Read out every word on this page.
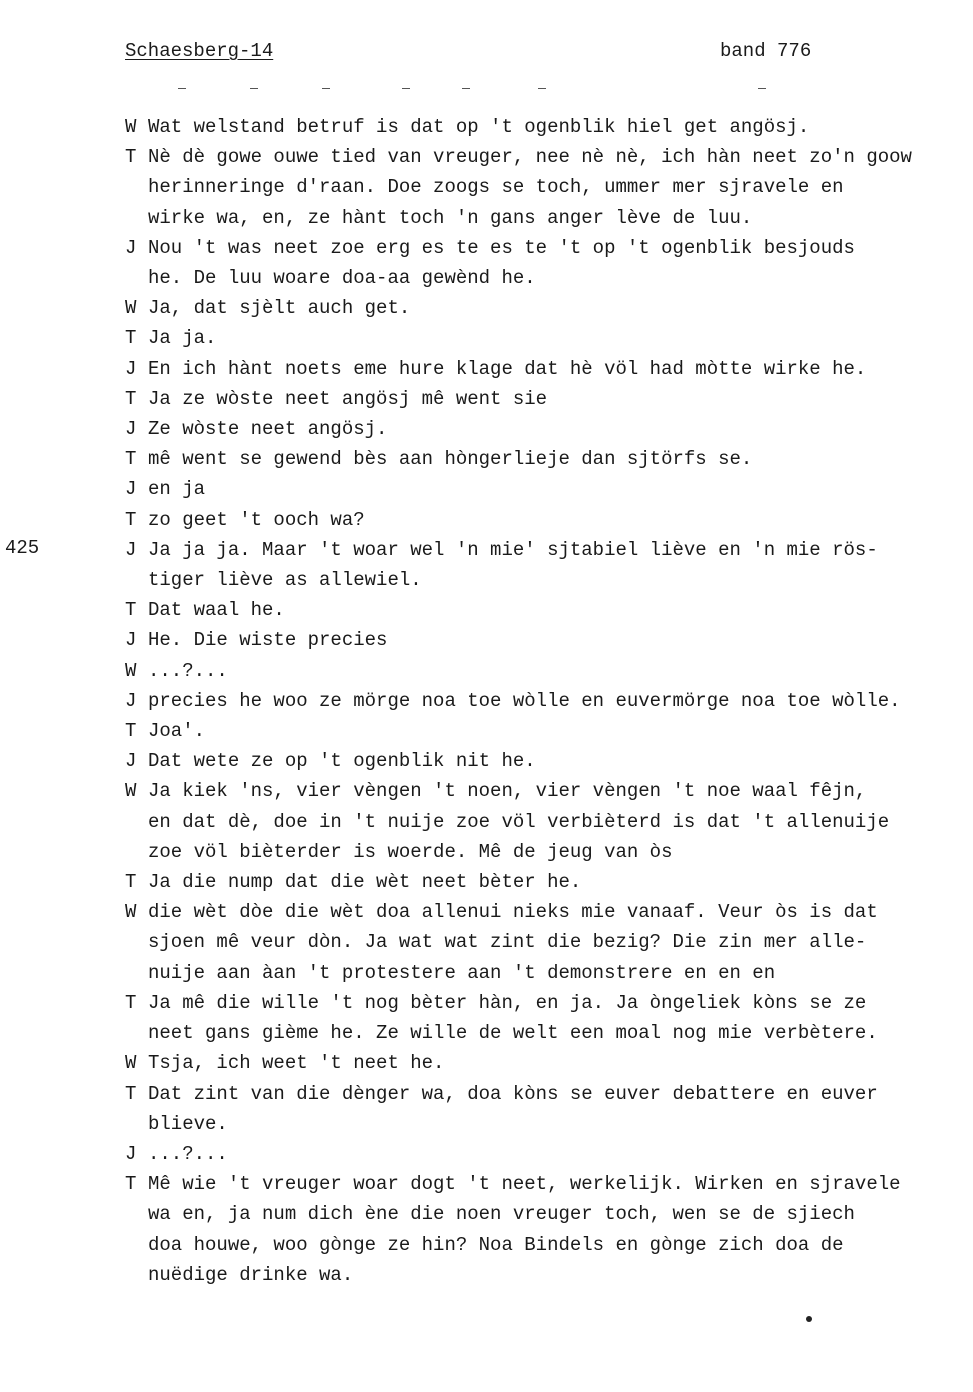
Schaesberg-14	band 776
425
W Wat welstand betruf is dat op 't ogenblik hiel get angösj.
T Nè dè gowe ouwe tied van vreuger, nee nè nè, ich hàn neet zo'n goow
herinneringe d'raan. Doe zoogs se toch, ummer mer sjravele en
wirke wa, en, ze hànt toch 'n gans anger lève de luu.
J Nou 't was neet zoe erg es te es te 't op 't ogenblik besjouds
he. De luu woare doa-aa gewènd he.
W Ja, dat sjèlt auch get.
T Ja ja.
J En ich hànt noets eme hure klage dat hè völ had mòtte wirke he.
T Ja ze wòste neet angösj mê went sie
J Ze wòste neet angösj.
T mê went se gewend bès aan hòngerlieje dan sjtörfs se.
J en ja
T zo geet 't ooch wa?
J Ja ja ja. Maar 't woar wel 'n mie' sjtabiel liève en 'n mie rös-
tiger liève as allewiel.
T Dat waal he.
J He. Die wiste precies
W ...?...
J precies he woo ze mörge noa toe wòlle en euvermörge noa toe wòlle.
T Joa'.
J Dat wete ze op 't ogenblik nit he.
W Ja kiek 'ns, vier vèngen 't noen, vier vèngen 't noe waal fêjn,
en dat dè, doe in 't nuije zoe völ verbièterd is dat 't allenuije
zoe völ bièterder is woerde. Mê de jeug van òs
T Ja die nump dat die wèt neet bèter he.
W die wèt dòe die wèt doa allenui nieks mie vanaaf. Veur òs is dat
sjoen mê veur dòn. Ja wat wat zint die bezig? Die zin mer alle-
nuije aan àan 't protestere aan 't demonstrere en en en
T Ja mê die wille 't nog bèter hàn, en ja. Ja òngeliek kòns se ze
neet gans gième he. Ze wille de welt een moal nog mie verbètere.
W Tsja, ich weet 't neet he.
T Dat zint van die dènger wa, doa kòns se euver debattere en euver
blieve.
J ...?...
T Mê wie 't vreuger woar dogt 't neet, werkelijk. Wirken en sjravele
wa en, ja num dich ène die noen vreuger toch, wen se de sjiech
doa houwe, woo gònge ze hin? Noa Bindels en gònge zich doa de
nuëdige drinke wa.
